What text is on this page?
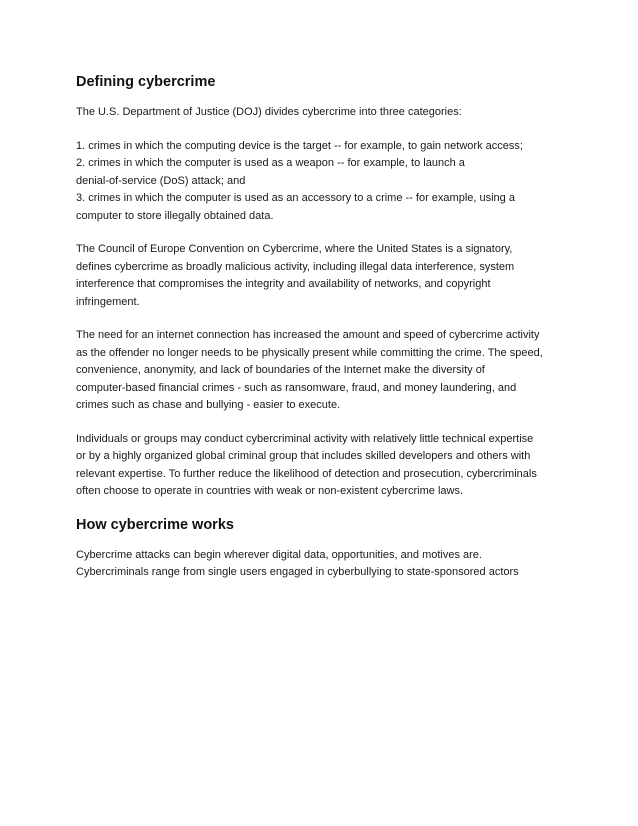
Defining cybercrime

The U.S. Department of Justice (DOJ) divides cybercrime into three categories:

1. crimes in which the computing device is the target -- for example, to gain network access;
2. crimes in which the computer is used as a weapon -- for example, to launch a
denial-of-service (DoS) attack; and
3. crimes in which the computer is used as an accessory to a crime -- for example, using a
computer to store illegally obtained data.

The Council of Europe Convention on Cybercrime, where the United States is a signatory,
defines cybercrime as broadly malicious activity, including illegal data interference, system
interference that compromises the integrity and availability of networks, and copyright
infringement.

The need for an internet connection has increased the amount and speed of cybercrime activity
as the offender no longer needs to be physically present while committing the crime. The speed,
convenience, anonymity, and lack of boundaries of the Internet make the diversity of
computer-based financial crimes - such as ransomware, fraud, and money laundering, and
crimes such as chase and bullying - easier to execute.

Individuals or groups may conduct cybercriminal activity with relatively little technical expertise
or by a highly organized global criminal group that includes skilled developers and others with
relevant expertise. To further reduce the likelihood of detection and prosecution, cybercriminals
often choose to operate in countries with weak or non-existent cybercrime laws.

How cybercrime works

Cybercrime attacks can begin wherever digital data, opportunities, and motives are.
Cybercriminals range from single users engaged in cyberbullying to state-sponsored actors
